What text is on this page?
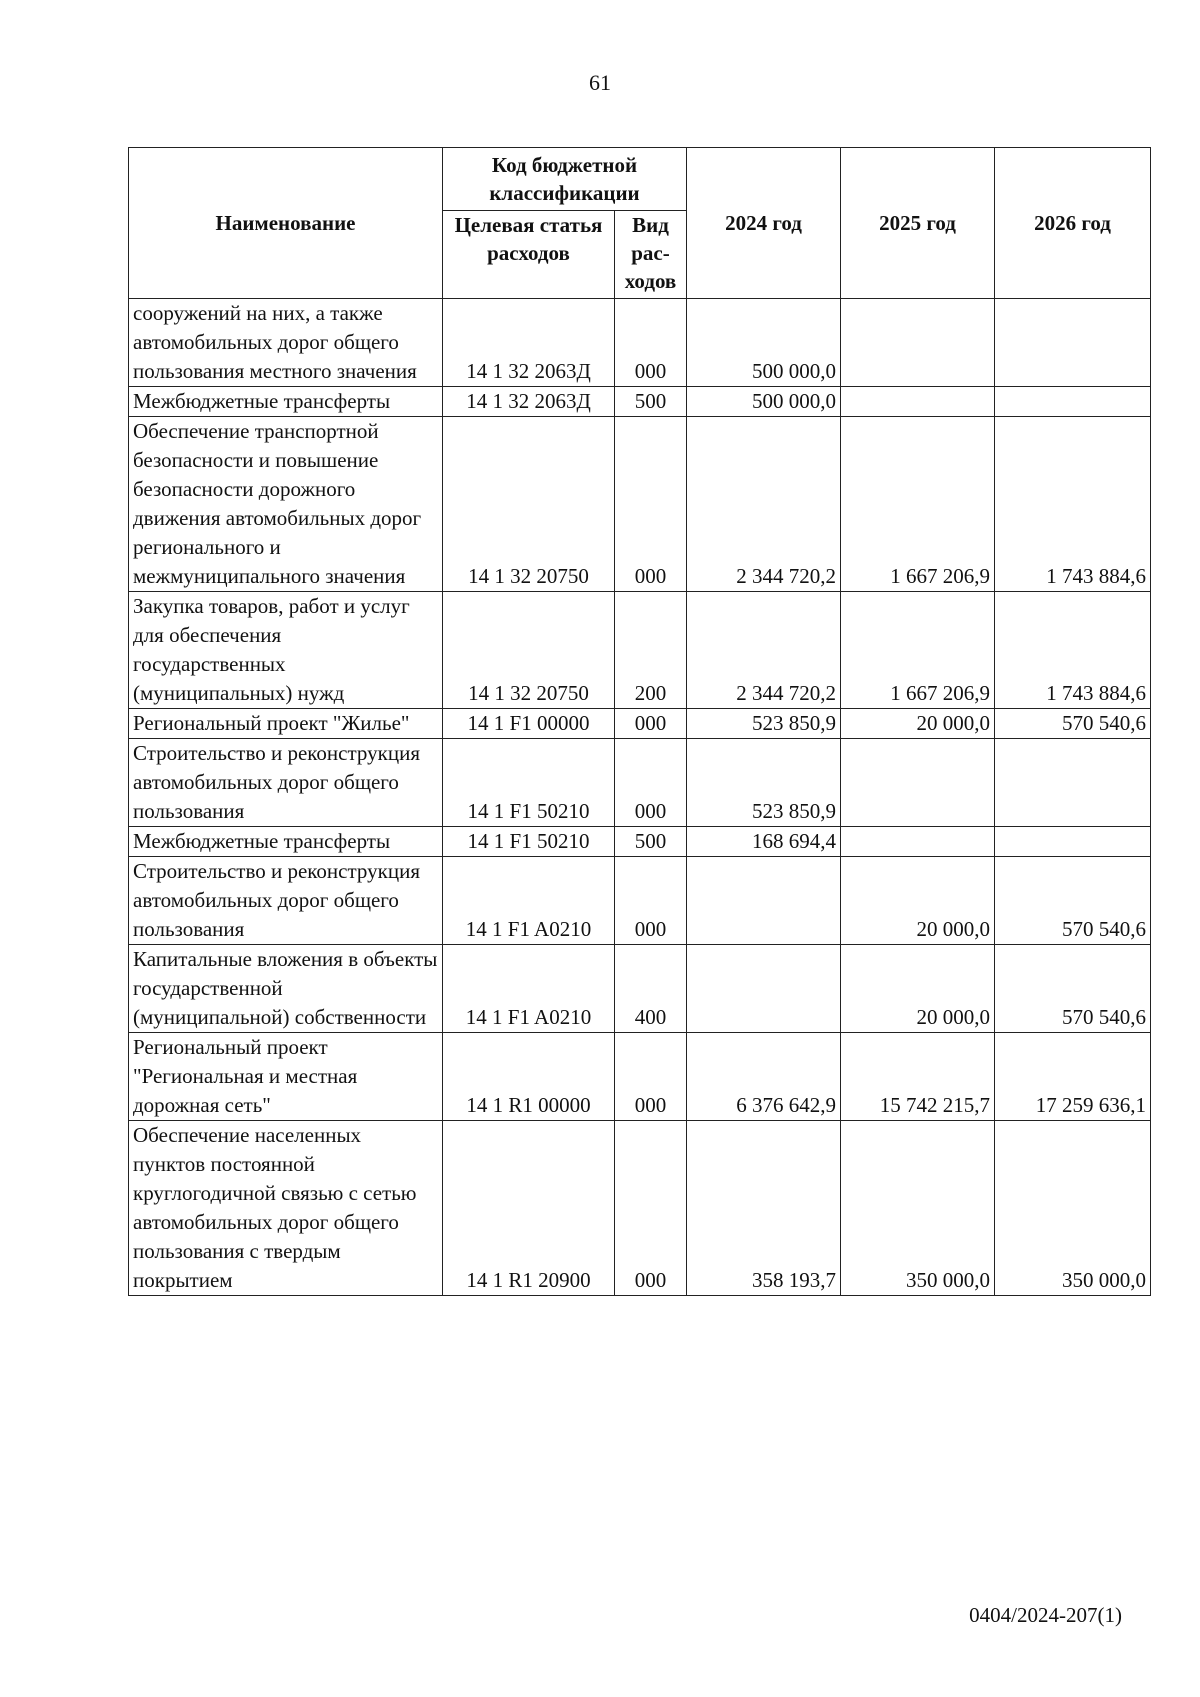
61
Наименование	Код бюджетной классификации		2024 год	2025 год	2026 год
	Целевая статья расходов	Вид рас-ходов			
сооружений на них, а также автомобильных дорог общего пользования местного значения	14 1 32 2063Д	000	500 000,0		
Межбюджетные трансферты	14 1 32 2063Д	500	500 000,0		
Обеспечение транспортной безопасности и повышение безопасности дорожного движения автомобильных дорог регионального и межмуниципального значения	14 1 32 20750	000	2 344 720,2	1 667 206,9	1 743 884,6
Закупка товаров, работ и услуг для обеспечения государственных (муниципальных) нужд	14 1 32 20750	200	2 344 720,2	1 667 206,9	1 743 884,6
Региональный проект "Жилье"	14 1 F1 00000	000	523 850,9	20 000,0	570 540,6
Строительство и реконструкция автомобильных дорог общего пользования	14 1 F1 50210	000	523 850,9		
Межбюджетные трансферты	14 1 F1 50210	500	168 694,4		
Строительство и реконструкция автомобильных дорог общего пользования	14 1 F1 A0210	000		20 000,0	570 540,6
Капитальные вложения в объекты государственной (муниципальной) собственности	14 1 F1 A0210	400		20 000,0	570 540,6
Региональный проект "Региональная и местная дорожная сеть"	14 1 R1 00000	000	6 376 642,9	15 742 215,7	17 259 636,1
Обеспечение населенных пунктов постоянной круглогодичной связью с сетью автомобильных дорог общего пользования с твердым покрытием	14 1 R1 20900	000	358 193,7	350 000,0	350 000,0
0404/2024-207(1)
